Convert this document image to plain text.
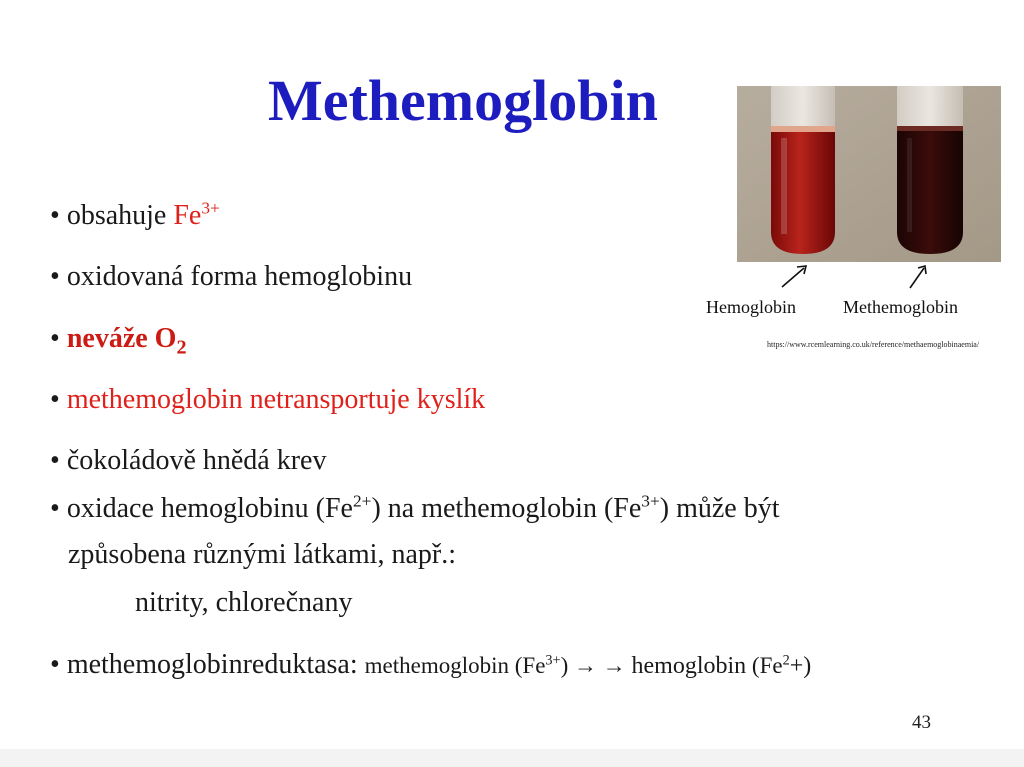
Methemoglobin
• obsahuje $Fe^{3+}$
• oxidovaná forma hemoglobinu
• neváže $O_2$
• methemoglobin netransportuje kyslík
• čokoládově hnědá krev
• oxidace hemoglobinu $(Fe^{2+})$ na methemoglobin $(Fe^{3+})$ může být
způsobena různými látkami, např.:
nitrity, chlorečnany
• methemoglobinreduktasa: methemoglobin $(Fe^{3+})$ → → hemoglobin $(Fe^2+)$
Hemoglobin	Methemoglobin
https://www.rcemlearning.co.uk/reference/methaemoglobinaemia/
43
